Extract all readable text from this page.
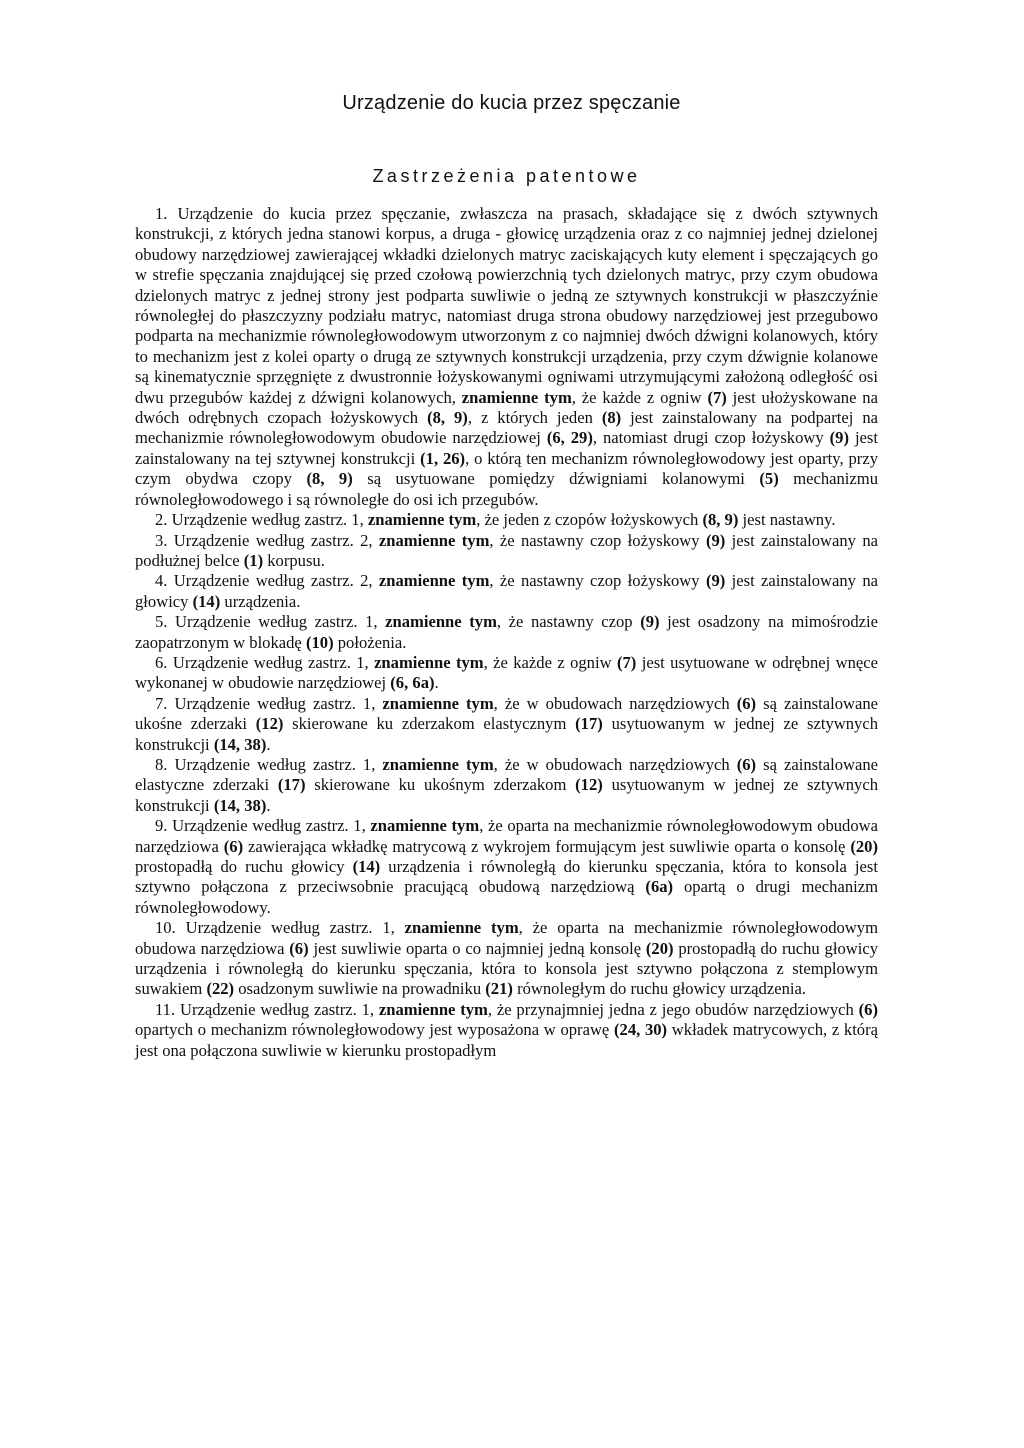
Urządzenie do kucia przez spęczanie
Zastrzeżenia patentowe

1. Urządzenie do kucia przez spęczanie, zwłaszcza na prasach, składające się z dwóch sztywnych konstrukcji, z których jedna stanowi korpus, a druga - głowicę urządzenia oraz z co najmniej jednej dzielonej obudowy narzędziowej zawierającej wkładki dzielonych matryc zaciskających kuty element i spęczających go w strefie spęczania znajdującej się przed czołową powierzchnią tych dzielonych matryc, przy czym obudowa dzielonych matryc z jednej strony jest podparta suwliwie o jedną ze sztywnych konstrukcji w płaszczyźnie równoległej do płaszczyzny podziału matryc, natomiast druga strona obudowy narzędziowej jest przegubowo podparta na mechanizmie równoległowodowym utworzonym z co najmniej dwóch dźwigni kolanowych, który to mechanizm jest z kolei oparty o drugą ze sztywnych konstrukcji urządzenia, przy czym dźwignie kolanowe są kinematycznie sprzęgnięte z dwustronnie łożyskowanymi ogniwami utrzymującymi założoną odległość osi dwu przegubów każdej z dźwigni kolanowych, znamienne tym, że każde z ogniw (7) jest ułożyskowane na dwóch odrębnych czopach łożyskowych (8, 9), z których jeden (8) jest zainstalowany na podpartej na mechanizmie równoległowodowym obudowie narzędziowej (6, 29), natomiast drugi czop łożyskowy (9) jest zainstalowany na tej sztywnej konstrukcji (1, 26), o którą ten mechanizm równoległowodowy jest oparty, przy czym obydwa czopy (8, 9) są usytuowane pomiędzy dźwigniami kolanowymi (5) mechanizmu równoległowodowego i są równoległe do osi ich przegubów.

2. Urządzenie według zastrz. 1, znamienne tym, że jeden z czopów łożyskowych (8, 9) jest nastawny.

3. Urządzenie według zastrz. 2, znamienne tym, że nastawny czop łożyskowy (9) jest zainstalowany na podłużnej belce (1) korpusu.

4. Urządzenie według zastrz. 2, znamienne tym, że nastawny czop łożyskowy (9) jest zainstalowany na głowicy (14) urządzenia.

5. Urządzenie według zastrz. 1, znamienne tym, że nastawny czop (9) jest osadzony na mimośrodzie zaopatrzonym w blokadę (10) położenia.

6. Urządzenie według zastrz. 1, znamienne tym, że każde z ogniw (7) jest usytuowane w odrębnej wnęce wykonanej w obudowie narzędziowej (6, 6a).

7. Urządzenie według zastrz. 1, znamienne tym, że w obudowach narzędziowych (6) są zainstalowane ukośne zderzaki (12) skierowane ku zderzakom elastycznym (17) usytuowanym w jednej ze sztywnych konstrukcji (14, 38).

8. Urządzenie według zastrz. 1, znamienne tym, że w obudowach narzędziowych (6) są zainstalowane elastyczne zderzaki (17) skierowane ku ukośnym zderzakom (12) usytuowanym w jednej ze sztywnych konstrukcji (14, 38).

9. Urządzenie według zastrz. 1, znamienne tym, że oparta na mechanizmie równoległowodowym obudowa narzędziowa (6) zawierająca wkładkę matrycową z wykrojem formującym jest suwliwie oparta o konsolę (20) prostopadłą do ruchu głowicy (14) urządzenia i równoległą do kierunku spęczania, która to konsola jest sztywno połączona z przeciwsobnie pracującą obudową narzędziową (6a) opartą o drugi mechanizm równoległowodowy.

10. Urządzenie według zastrz. 1, znamienne tym, że oparta na mechanizmie równoległowodowym obudowa narzędziowa (6) jest suwliwie oparta o co najmniej jedną konsolę (20) prostopadłą do ruchu głowicy urządzenia i równoległą do kierunku spęczania, która to konsola jest sztywno połączona z stemplowym suwakiem (22) osadzonym suwliwie na prowadniku (21) równoległym do ruchu głowicy urządzenia.

11. Urządzenie według zastrz. 1, znamienne tym, że przynajmniej jedna z jego obudów narzędziowych (6) opartych o mechanizm równoległowodowy jest wyposażona w oprawę (24, 30) wkładek matrycowych, z którą jest ona połączona suwliwie w kierunku prostopadłym
